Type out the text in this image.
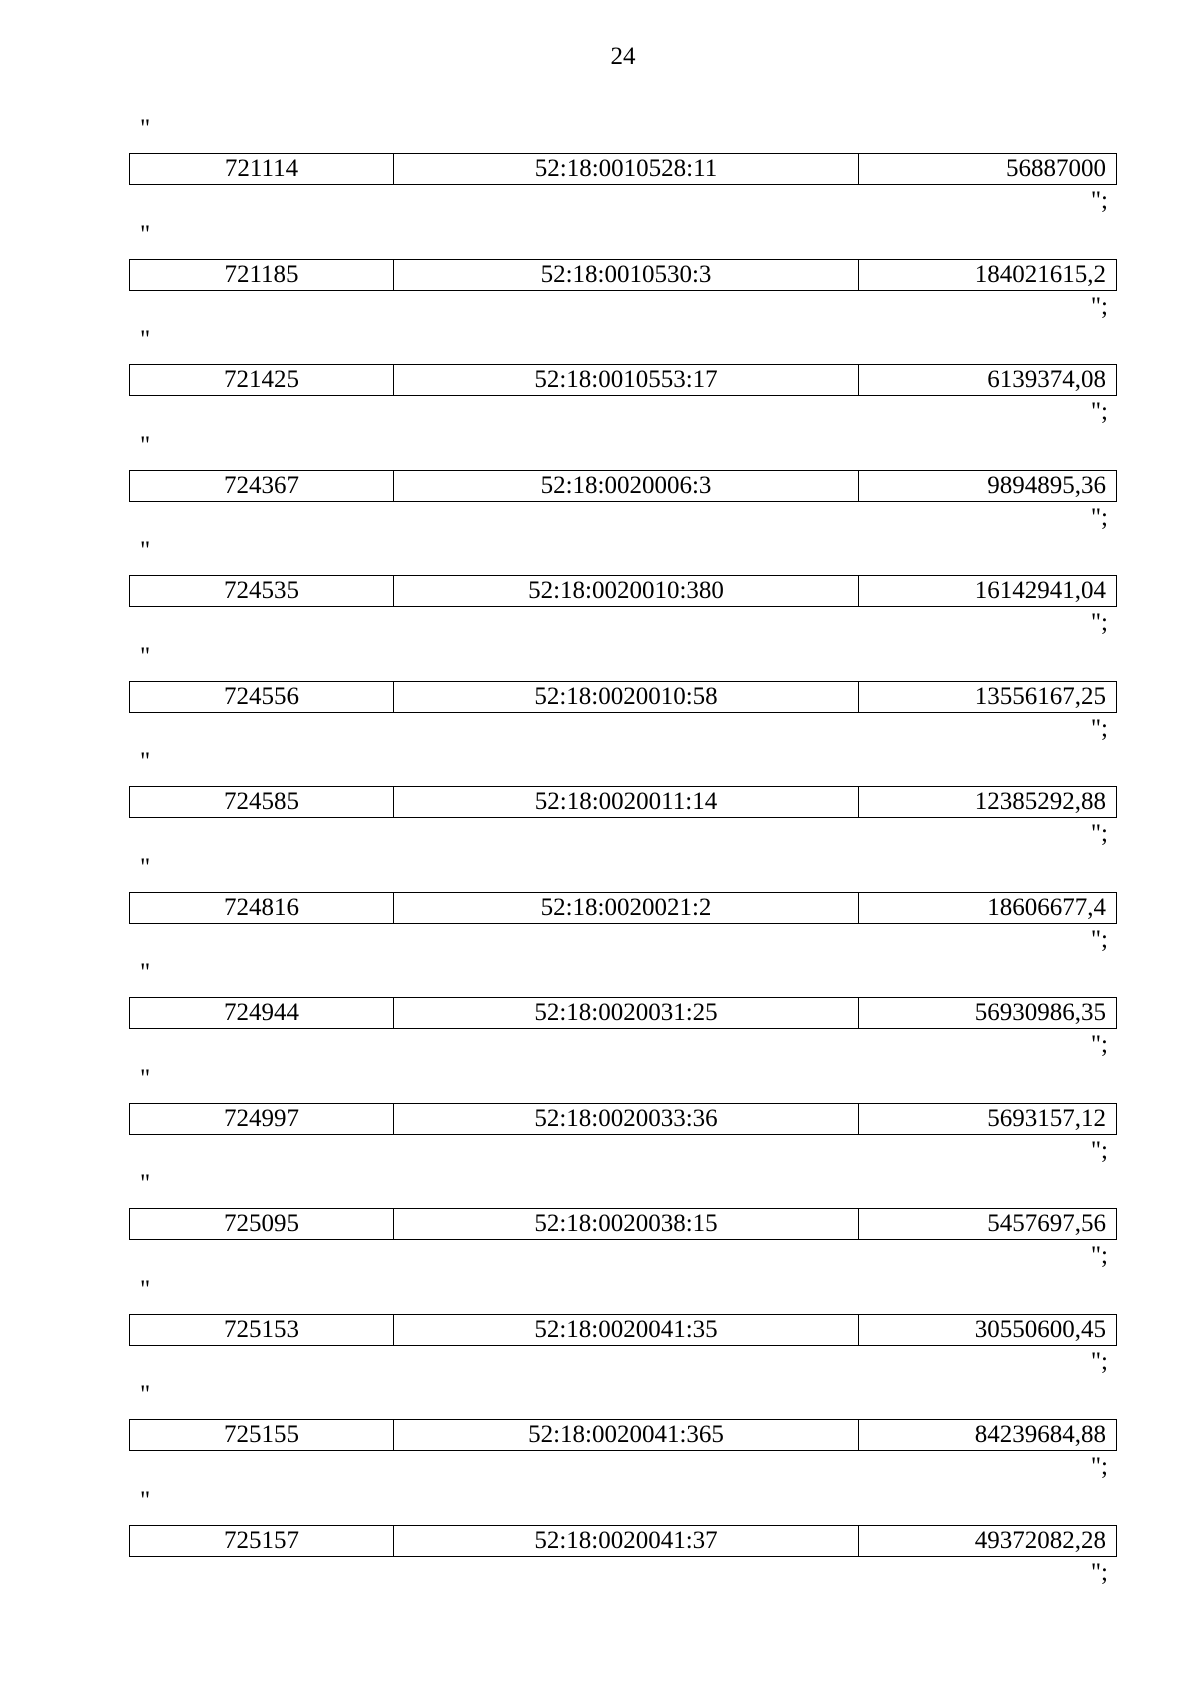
24
"
721114	52:18:0010528:11	56887000
";
"
721185	52:18:0010530:3	184021615,2
";
"
721425	52:18:0010553:17	6139374,08
";
"
724367	52:18:0020006:3	9894895,36
";
"
724535	52:18:0020010:380	16142941,04
";
"
724556	52:18:0020010:58	13556167,25
";
"
724585	52:18:0020011:14	12385292,88
";
"
724816	52:18:0020021:2	18606677,4
";
"
724944	52:18:0020031:25	56930986,35
";
"
724997	52:18:0020033:36	5693157,12
";
"
725095	52:18:0020038:15	5457697,56
";
"
725153	52:18:0020041:35	30550600,45
";
"
725155	52:18:0020041:365	84239684,88
";
"
725157	52:18:0020041:37	49372082,28
";
